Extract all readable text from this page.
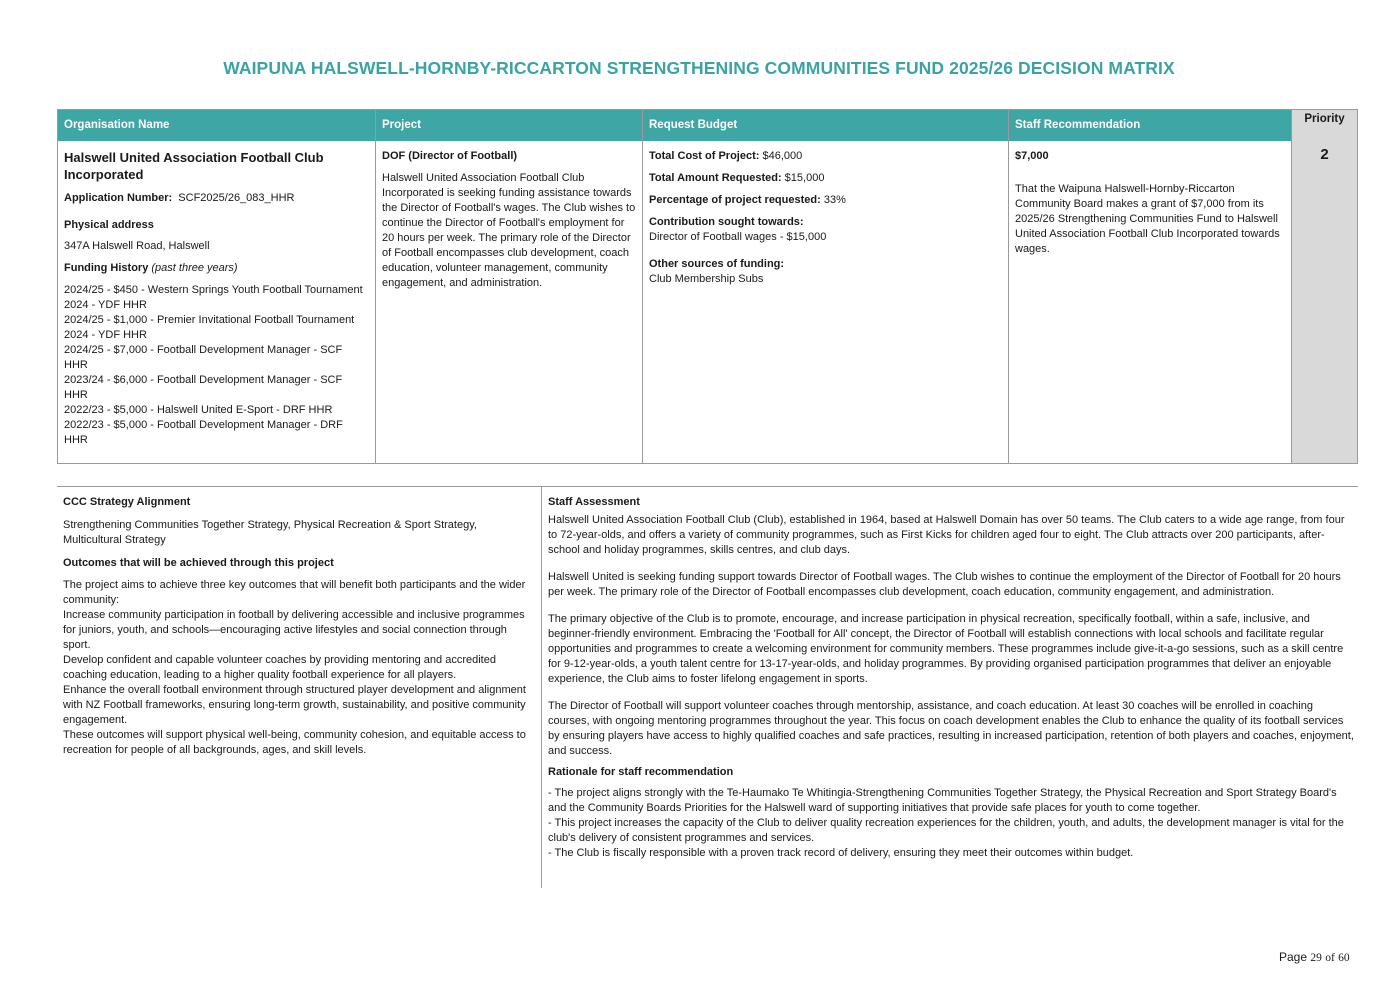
WAIPUNA HALSWELL-HORNBY-RICCARTON STRENGTHENING COMMUNITIES FUND 2025/26 DECISION MATRIX
Organisation Name

Halswell United Association Football Club Incorporated

Application Number: SCF2025/26_083_HHR

Physical address

347A Halswell Road, Halswell

Funding History (past three years)

2024/25 - $450 - Western Springs Youth Football Tournament 2024 - YDF HHR
2024/25 - $1,000 - Premier Invitational Football Tournament 2024 - YDF HHR
2024/25 - $7,000 - Football Development Manager - SCF HHR
2023/24 - $6,000 - Football Development Manager - SCF HHR
2022/23 - $5,000 - Halswell United E-Sport - DRF HHR
2022/23 - $5,000 - Football Development Manager - DRF HHR
Project

DOF (Director of Football)

Halswell United Association Football Club Incorporated is seeking funding assistance towards the Director of Football's wages. The Club wishes to continue the Director of Football's employment for 20 hours per week. The primary role of the Director of Football encompasses club development, coach education, volunteer management, community engagement, and administration.

Request Budget

Total Cost of Project: $46,000

Total Amount Requested: $15,000

Percentage of project requested: 33%

Contribution sought towards:

Director of Football wages - $15,000

Other sources of funding:

Club Membership Subs

Staff Recommendation

$7,000

That the Waipuna Halswell-Hornby-Riccarton Community Board makes a grant of $7,000 from its 2025/26 Strengthening Communities Fund to Halswell United Association Football Club Incorporated towards wages.

Priority
2

CCC Strategy Alignment

Strengthening Communities Together Strategy, Physical Recreation & Sport Strategy, Multicultural Strategy

Outcomes that will be achieved through this project

The project aims to achieve three key outcomes that will benefit both participants and the wider community:

Increase community participation in football by delivering accessible and inclusive programmes for juniors, youth, and schools—encouraging active lifestyles and social connection through sport.

Develop confident and capable volunteer coaches by providing mentoring and accredited coaching education, leading to a higher quality football experience for all players.

Enhance the overall football environment through structured player development and alignment with NZ Football frameworks, ensuring long-term growth, sustainability, and positive community engagement.

These outcomes will support physical well-being, community cohesion, and equitable access to recreation for people of all backgrounds, ages, and skill levels.

Staff Assessment

Halswell United Association Football Club (Club), established in 1964, based at Halswell Domain has over 50 teams. The Club caters to a wide age range, from four to 72-year-olds, and offers a variety of community programmes, such as First Kicks for children aged four to eight. The Club attracts over 200 participants, after-school and holiday programmes, skills centres, and club days.

Halswell United is seeking funding support towards Director of Football wages. The Club wishes to continue the employment of the Director of Football for 20 hours per week. The primary role of the Director of Football encompasses club development, coach education, community engagement, and administration.

The primary objective of the Club is to promote, encourage, and increase participation in physical recreation, specifically football, within a safe, inclusive, and beginner-friendly environment. Embracing the 'Football for All' concept, the Director of Football will establish connections with local schools and facilitate regular opportunities and programmes to create a welcoming environment for community members. These programmes include give-it-a-go sessions, such as a skill centre for 9-12-year-olds, a youth talent centre for 13-17-year-olds, and holiday programmes. By providing organised participation programmes that deliver an enjoyable experience, the Club aims to foster lifelong engagement in sports.

The Director of Football will support volunteer coaches through mentorship, assistance, and coach education. At least 30 coaches will be enrolled in coaching courses, with ongoing mentoring programmes throughout the year. This focus on coach development enables the Club to enhance the quality of its football services by ensuring players have access to highly qualified coaches and safe practices, resulting in increased participation, retention of both players and coaches, enjoyment, and success.

Rationale for staff recommendation

- The project aligns strongly with the Te-Haumako Te Whitingia-Strengthening Communities Together Strategy, the Physical Recreation and Sport Strategy Board's and the Community Boards Priorities for the Halswell ward of supporting initiatives that provide safe places for youth to come together.

- This project increases the capacity of the Club to deliver quality recreation experiences for the children, youth, and adults, the development manager is vital for the club's delivery of consistent programmes and services.

- The Club is fiscally responsible with a proven track record of delivery, ensuring they meet their outcomes within budget.

Page 29 of 60
